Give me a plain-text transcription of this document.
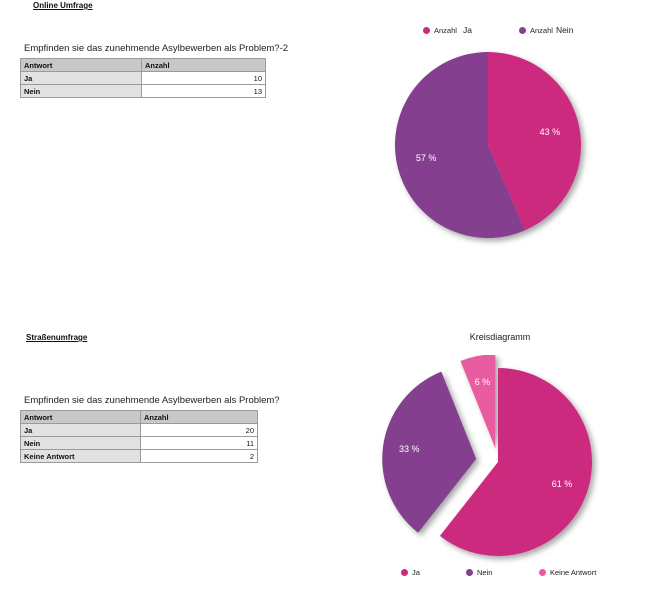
Online Umfrage
Empfinden sie das zunehmende Asylbewerben als Problem?-2
Antwort	Anzahl
Ja	10
Nein	13
Anzahl Ja	Anzahl Nein
43 %
57 %
Straßenumfrage
Empfinden sie das zunehmende Asylbewerben als Problem?
Antwort	Anzahl
Ja	20
Nein	11
Keine Antwort	2
Kreisdiagramm
61 %
33 %
6 %
Ja	Nein	Keine Antwort
